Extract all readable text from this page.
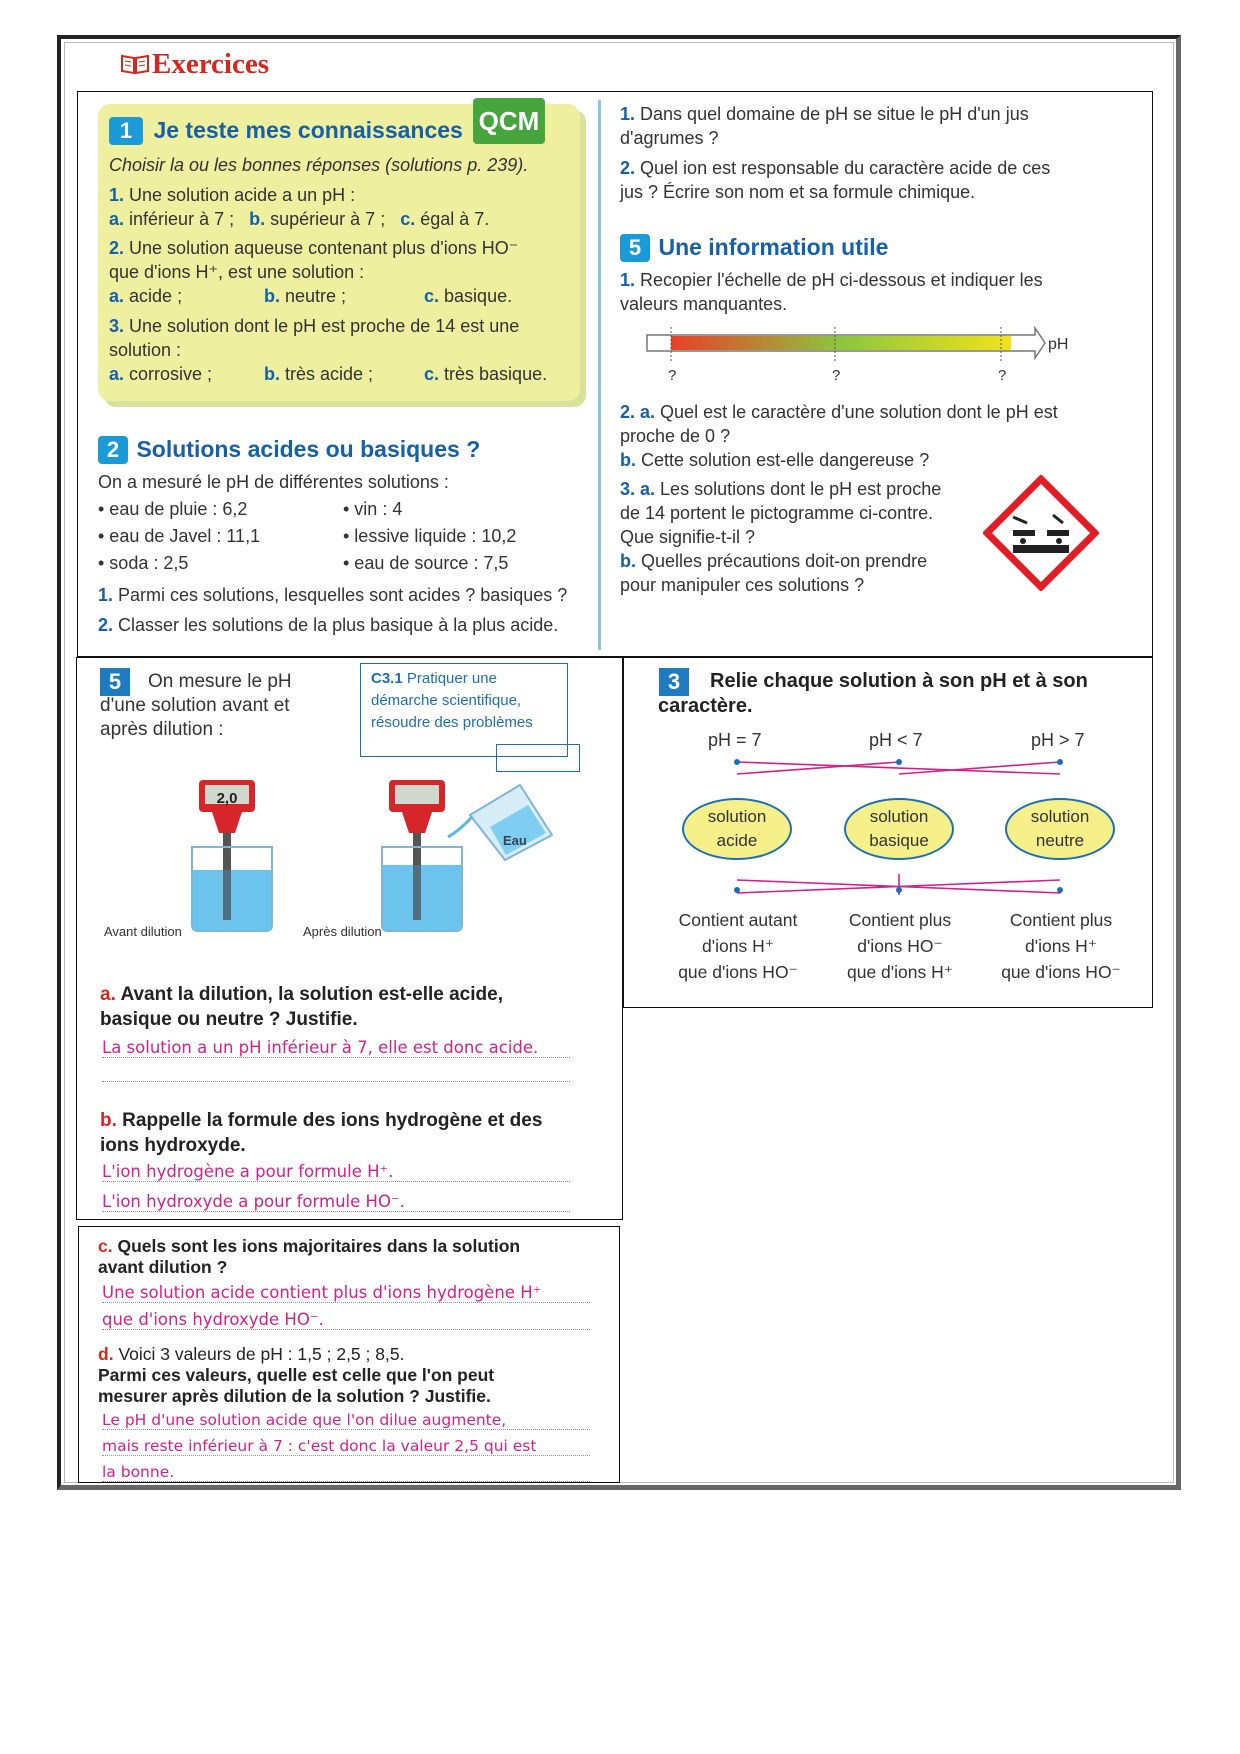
Exercices
QCM
1 Je teste mes connaissances
Choisir la ou les bonnes réponses (solutions p. 239).
1. Une solution acide a un pH :
a. inférieur à 7 ; b. supérieur à 7 ; c. égal à 7.
2. Une solution aqueuse contenant plus d'ions HO⁻
que d'ions H⁺, est une solution :
a. acide ;	b. neutre ;	c. basique.
3. Une solution dont le pH est proche de 14 est une
solution :
a. corrosive ;	b. très acide ;	c. très basique.
2 Solutions acides ou basiques ?
On a mesuré le pH de différentes solutions :
• eau de pluie : 6,2	• vin : 4
• eau de Javel : 11,1	• lessive liquide : 10,2
• soda : 2,5	• eau de source : 7,5
1. Parmi ces solutions, lesquelles sont acides ? basiques ?
2. Classer les solutions de la plus basique à la plus acide.
1. Dans quel domaine de pH se situe le pH d'un jus
d'agrumes ?
2. Quel ion est responsable du caractère acide de ces
jus ? Écrire son nom et sa formule chimique.
5 Une information utile
1. Recopier l'échelle de pH ci-dessous et indiquer les
valeurs manquantes.
pH
?	?	?
2. a. Quel est le caractère d'une solution dont le pH est
proche de 0 ?
b. Cette solution est-elle dangereuse ?
3. a. Les solutions dont le pH est proche
de 14 portent le pictogramme ci-contre.
Que signifie-t-il ?
b. Quelles précautions doit-on prendre
pour manipuler ces solutions ?
5	On mesure le pH
d'une solution avant et
après dilution :
C3.1 Pratiquer une
démarche scientifique,
résoudre des problèmes
2,0
Eau
Avant dilution	Après dilution
a. Avant la dilution, la solution est-elle acide,
basique ou neutre ? Justifie.
La solution a un pH inférieur à 7, elle est donc acide.
b. Rappelle la formule des ions hydrogène et des
ions hydroxyde.
L'ion hydrogène a pour formule H⁺.
L'ion hydroxyde a pour formule HO⁻.
c. Quels sont les ions majoritaires dans la solution
avant dilution ?
Une solution acide contient plus d'ions hydrogène H⁺
que d'ions hydroxyde HO⁻.
d. Voici 3 valeurs de pH : 1,5 ; 2,5 ; 8,5.
Parmi ces valeurs, quelle est celle que l'on peut
mesurer après dilution de la solution ? Justifie.
Le pH d'une solution acide que l'on dilue augmente,
mais reste inférieur à 7 : c'est donc la valeur 2,5 qui est
la bonne.
3	Relie chaque solution à son pH et à son
caractère.
pH = 7	pH < 7	pH > 7
solution
acide
solution
basique
solution
neutre
Contient autant
d'ions H⁺
que d'ions HO⁻
Contient plus
d'ions HO⁻
que d'ions H⁺
Contient plus
d'ions H⁺
que d'ions HO⁻
